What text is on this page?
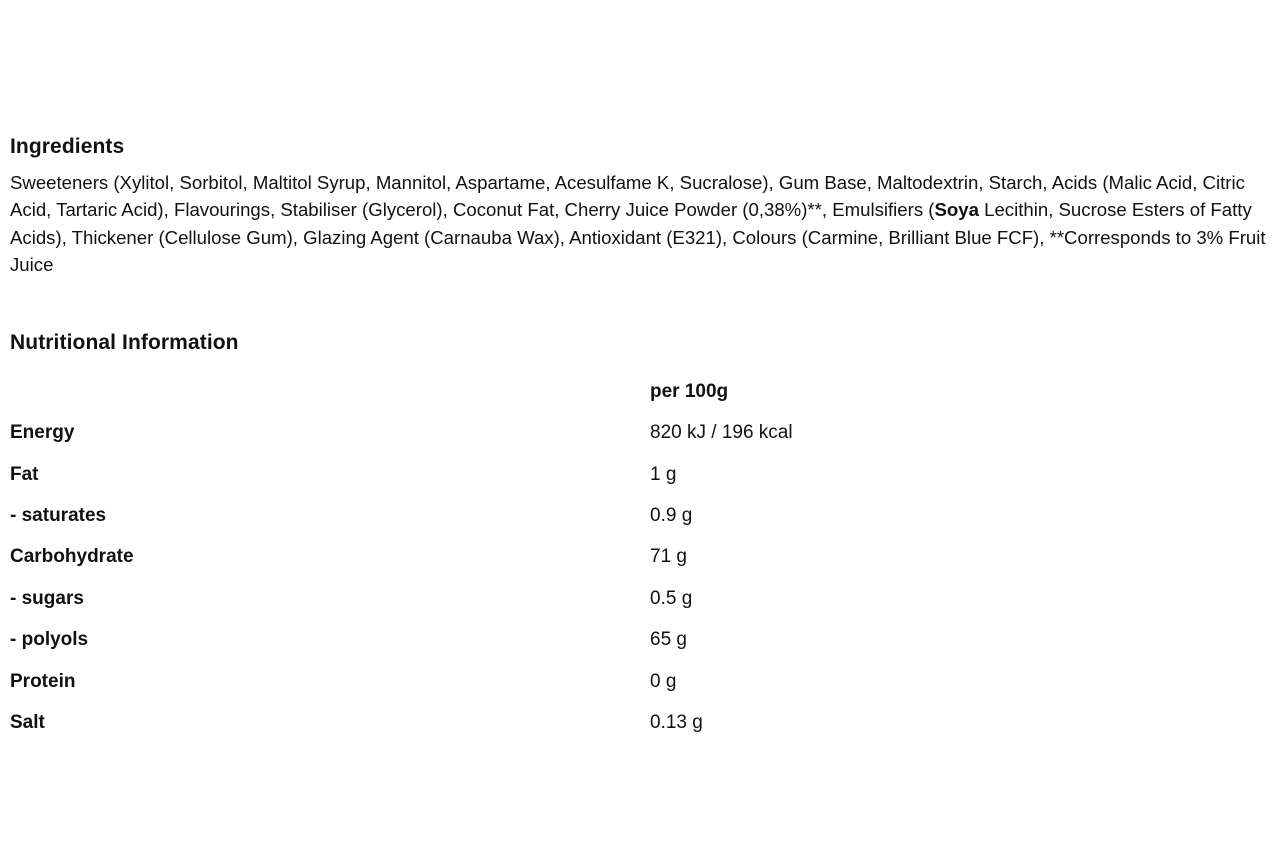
Ingredients

Sweeteners (Xylitol, Sorbitol, Maltitol Syrup, Mannitol, Aspartame, Acesulfame K, Sucralose), Gum Base, Maltodextrin, Starch, Acids (Malic Acid, Citric Acid, Tartaric Acid), Flavourings, Stabiliser (Glycerol), Coconut Fat, Cherry Juice Powder (0,38%)**, Emulsifiers (Soya Lecithin, Sucrose Esters of Fatty Acids), Thickener (Cellulose Gum), Glazing Agent (Carnauba Wax), Antioxidant (E321), Colours (Carmine, Brilliant Blue FCF), **Corresponds to 3% Fruit Juice

Nutritional Information
	per 100g
Energy	820 kJ / 196 kcal
Fat	1 g
- saturates	0.9 g
Carbohydrate	71 g
- sugars	0.5 g
- polyols	65 g
Protein	0 g
Salt	0.13 g
